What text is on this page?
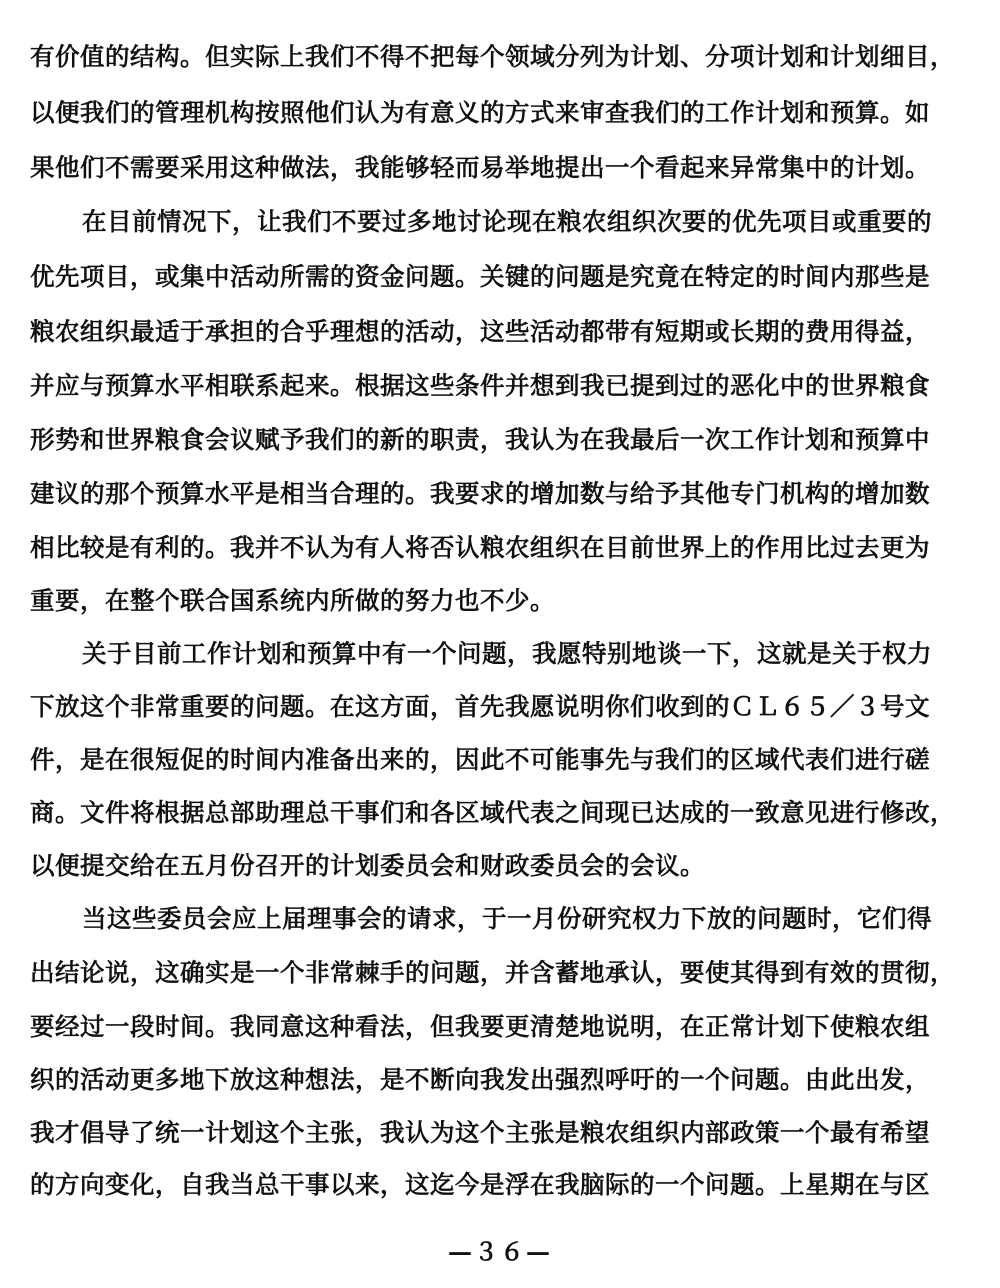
有价值的结构。但实际上我们不得不把每个领域分列为计划、分项计划和计划细目，
以便我们的管理机构按照他们认为有意义的方式来审查我们的工作计划和预算。如
果他们不需要采用这种做法，我能够轻而易举地提出一个看起来异常集中的计划。
在目前情况下，让我们不要过多地讨论现在粮农组织次要的优先项目或重要的
优先项目，或集中活动所需的资金问题。关键的问题是究竟在特定的时间内那些是
粮农组织最适于承担的合乎理想的活动，这些活动都带有短期或长期的费用得益，
并应与预算水平相联系起来。根据这些条件并想到我已提到过的恶化中的世界粮食
形势和世界粮食会议赋予我们的新的职责，我认为在我最后一次工作计划和预算中
建议的那个预算水平是相当合理的。我要求的增加数与给予其他专门机构的增加数
相比较是有利的。我并不认为有人将否认粮农组织在目前世界上的作用比过去更为
重要，在整个联合国系统内所做的努力也不少。
关于目前工作计划和预算中有一个问题，我愿特别地谈一下，这就是关于权力
下放这个非常重要的问题。在这方面，首先我愿说明你们收到的ＣＬ６５／３号文
件，是在很短促的时间内准备出来的，因此不可能事先与我们的区域代表们进行磋
商。文件将根据总部助理总干事们和各区域代表之间现已达成的一致意见进行修改，
以便提交给在五月份召开的计划委员会和财政委员会的会议。
当这些委员会应上届理事会的请求，于一月份研究权力下放的问题时，它们得
出结论说，这确实是一个非常棘手的问题，并含蓄地承认，要使其得到有效的贯彻，
要经过一段时间。我同意这种看法，但我要更清楚地说明，在正常计划下使粮农组
织的活动更多地下放这种想法，是不断向我发出强烈呼吁的一个问题。由此出发，
我才倡导了统一计划这个主张，我认为这个主张是粮农组织内部政策一个最有希望
的方向变化，自我当总干事以来，这迄今是浮在我脑际的一个问题。上星期在与区
—３６—
